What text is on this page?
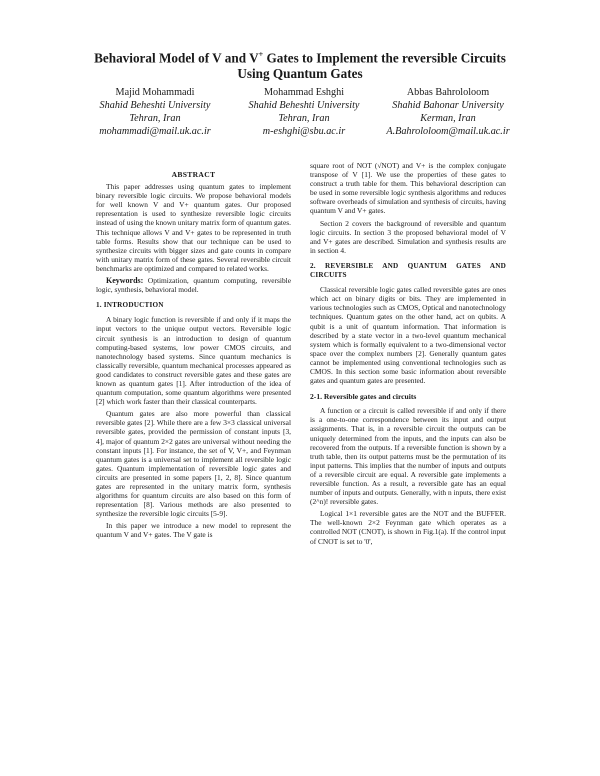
Behavioral Model of V and V+ Gates to Implement the reversible Circuits
Using Quantum Gates
Majid Mohammadi
Shahid Beheshti University
Tehran, Iran
mohammadi@mail.uk.ac.ir
Mohammad Eshghi
Shahid Beheshti University
Tehran, Iran
m-eshghi@sbu.ac.ir
Abbas Bahrololoom
Shahid Bahonar University
Kerman, Iran
A.Bahrololoom@mail.uk.ac.ir
ABSTRACT

This paper addresses using quantum gates to implement binary reversible logic circuits. We propose behavioral models for well known V and V+ quantum gates. Our proposed representation is used to synthesize reversible logic circuits instead of using the known unitary matrix form of quantum gates. This technique allows V and V+ gates to be represented in truth table forms. Results show that our technique can be used to synthesize circuits with bigger sizes and gate counts in compare with unitary matrix form of these gates. Several reversible circuit benchmarks are optimized and compared to related works.

Keywords: Optimization, quantum computing, reversible logic, synthesis, behavioral model.

1. INTRODUCTION

A binary logic function is reversible if and only if it maps the input vectors to the unique output vectors. Reversible logic circuit synthesis is an introduction to design of quantum computing-based systems, low power CMOS circuits, and nanotechnology based systems. Since quantum mechanics is classically reversible, quantum mechanical processes appeared as good candidates to construct reversible gates and these gates are known as quantum gates [1]. After introduction of the idea of quantum computation, some quantum algorithms were presented [2] which work faster than their classical counterparts.

Quantum gates are also more powerful than classical reversible gates [2]. While there are a few 3×3 classical universal reversible gates, provided the permission of constant inputs [3, 4], major of quantum 2×2 gates are universal without needing the constant inputs [1]. For instance, the set of V, V+, and Feynman quantum gates is a universal set to implement all reversible logic gates. Quantum implementation of reversible logic gates and circuits are presented in some papers [1, 2, 8]. Since quantum gates are represented in the unitary matrix form, synthesis algorithms for quantum circuits are also based on this form of representation [8]. Various methods are also presented to synthesize the reversible logic circuits [5-9].

In this paper we introduce a new model to represent the quantum V and V+ gates. The V gate is

square root of NOT (√NOT) and V+ is the complex conjugate transpose of V [1]. We use the properties of these gates to construct a truth table for them. This behavioral description can be used in some reversible logic synthesis algorithms and reduces software overheads of simulation and synthesis of circuits, having quantum V and V+ gates.

Section 2 covers the background of reversible and quantum logic circuits. In section 3 the proposed behavioral model of V and V+ gates are described. Simulation and synthesis results are in section 4.

2. REVERSIBLE AND QUANTUM GATES AND CIRCUITS

Classical reversible logic gates called reversible gates are ones which act on binary digits or bits. They are implemented in various technologies such as CMOS, Optical and nanotechnology techniques. Quantum gates on the other hand, act on qubits. A qubit is a unit of quantum information. That information is described by a state vector in a two-level quantum mechanical system which is formally equivalent to a two-dimensional vector space over the complex numbers [2]. Generally quantum gates cannot be implemented using conventional technologies such as CMOS. In this section some basic information about reversible gates and quantum gates are presented.

2-1. Reversible gates and circuits

A function or a circuit is called reversible if and only if there is a one-to-one correspondence between its input and output assignments. That is, in a reversible circuit the outputs can be uniquely determined from the inputs, and the inputs can also be recovered from the outputs. If a reversible function is shown by a truth table, then its output patterns must be the permutation of its input patterns. This implies that the number of inputs and outputs of a reversible circuit are equal. A reversible gate implements a reversible function. As a result, a reversible gate has an equal number of inputs and outputs. Generally, with n inputs, there exist (2^n)! reversible gates.

Logical 1×1 reversible gates are the NOT and the BUFFER. The well-known 2×2 Feynman gate which operates as a controlled NOT (CNOT), is shown in Fig.1(a). If the control input of CNOT is set to '0',
